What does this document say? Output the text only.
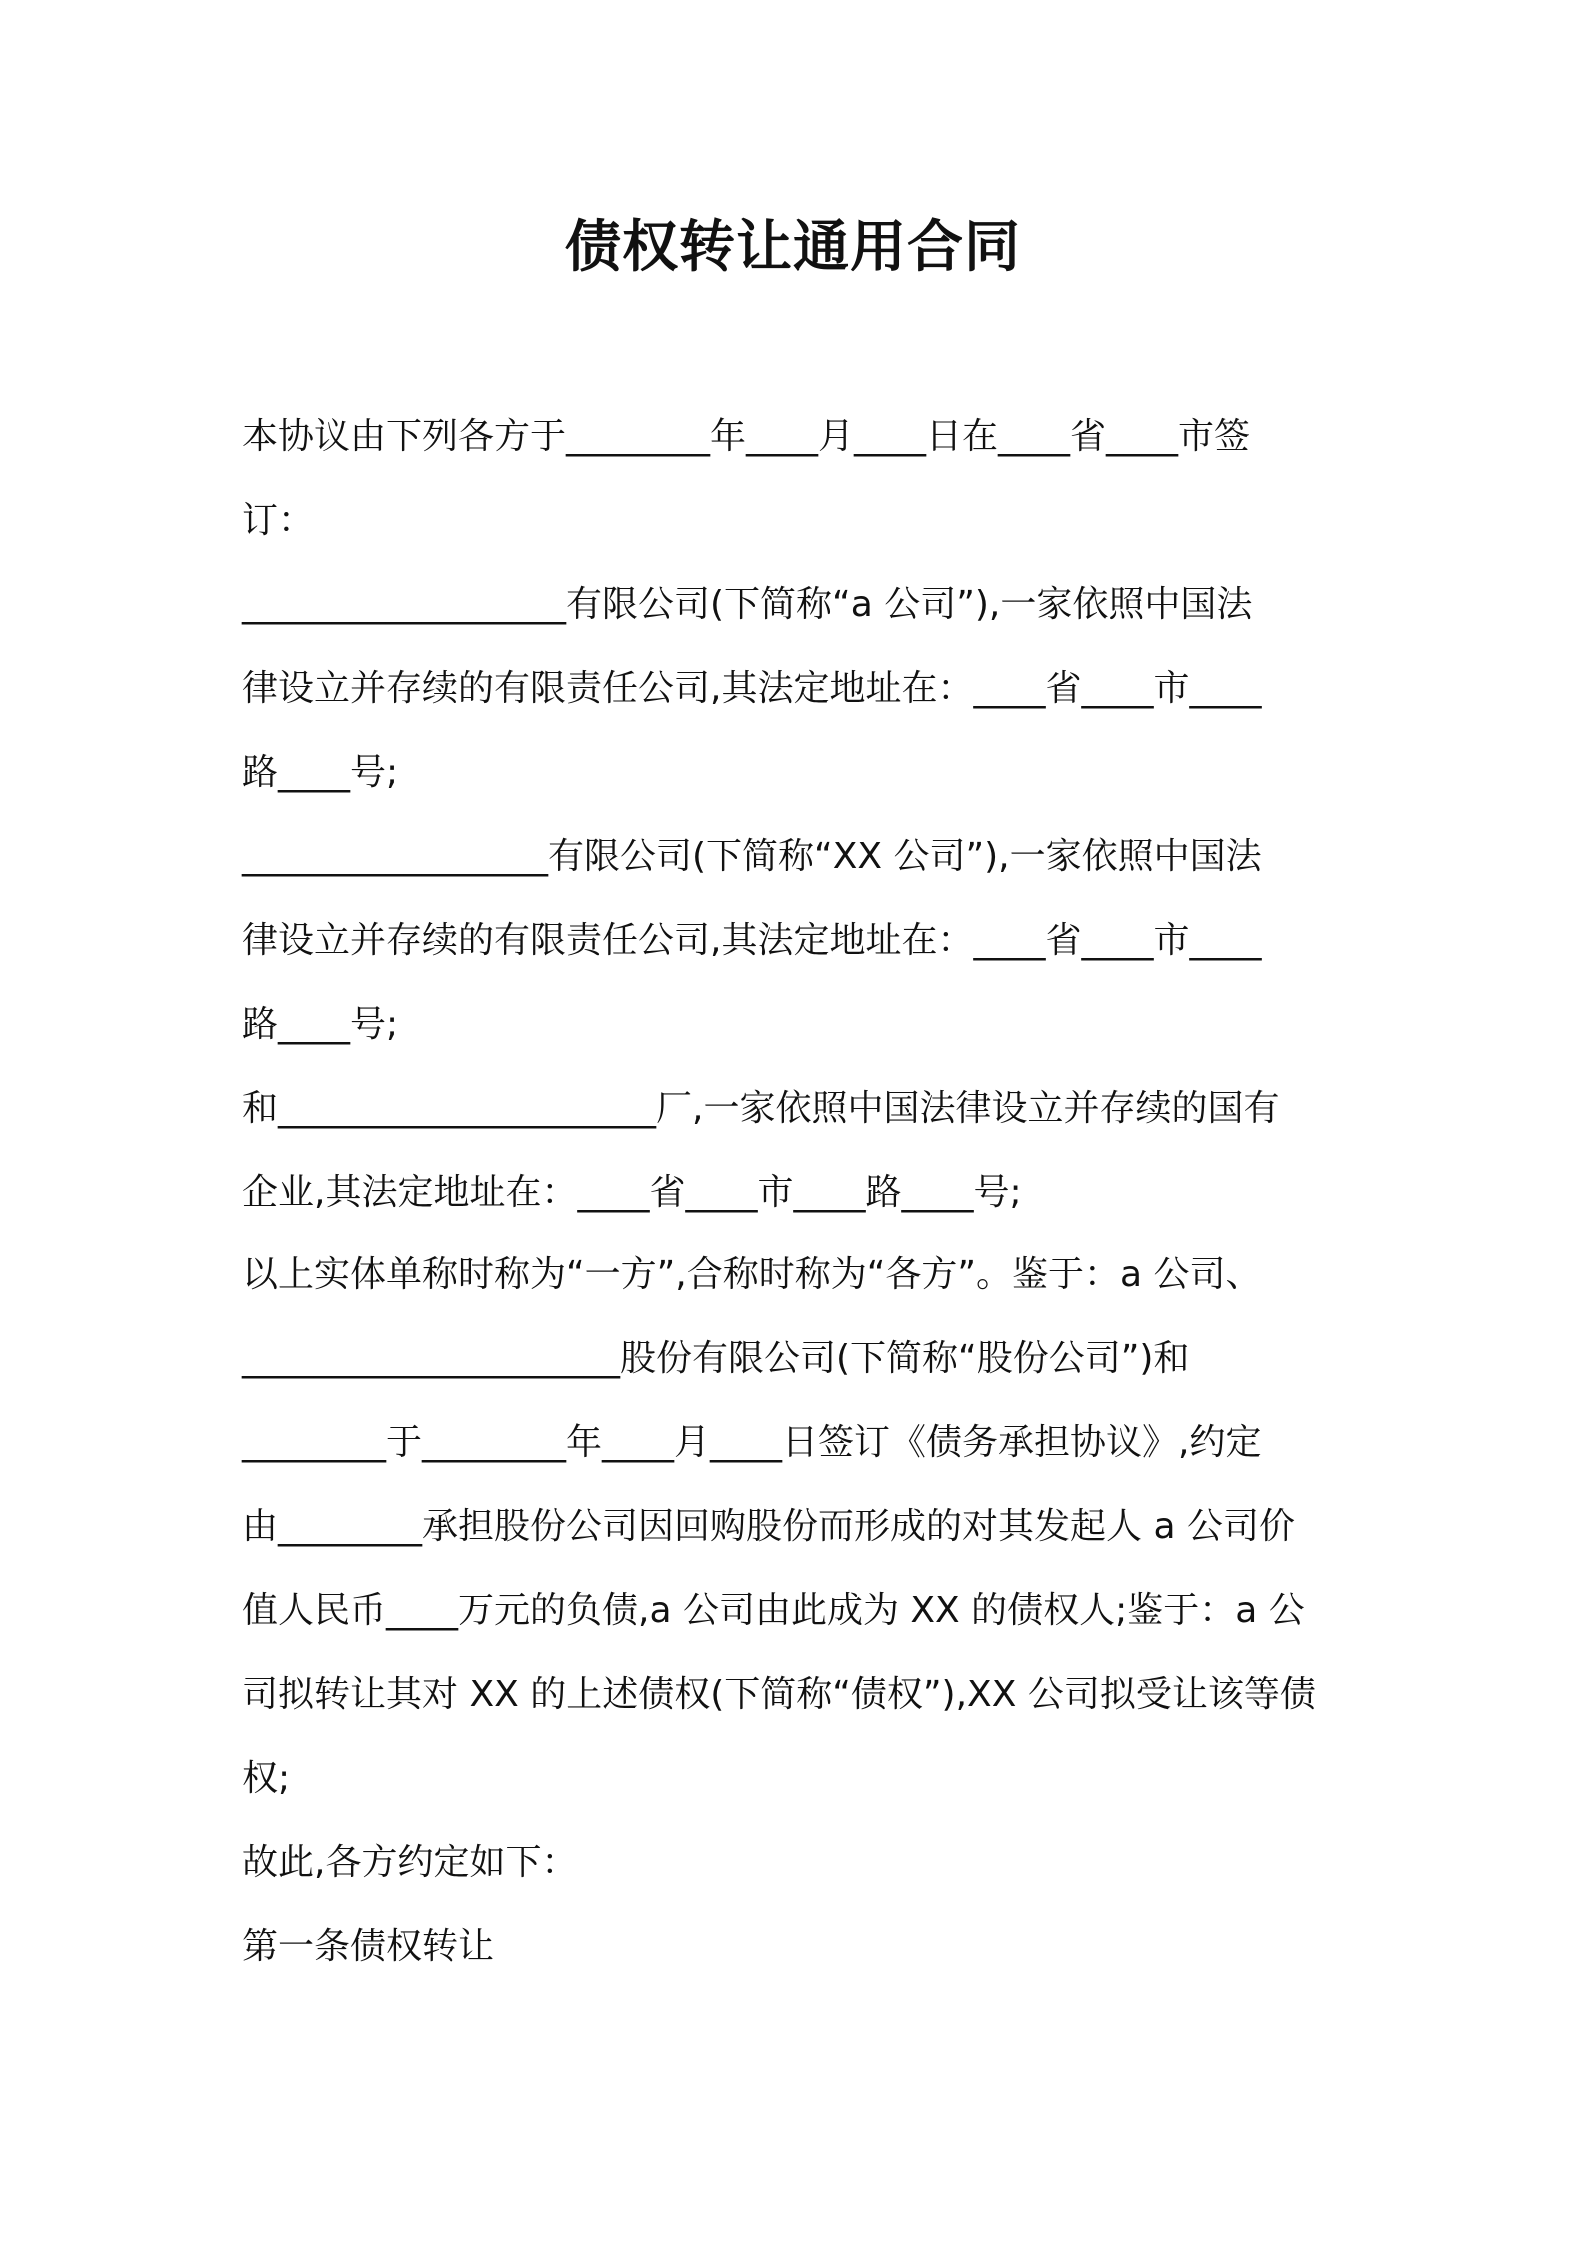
债权转让通用合同

本协议由下列各方于________年____月____日在____省____市签

订：

__________________有限公司(下简称“a 公司”),一家依照中国法

律设立并存续的有限责任公司,其法定地址在：____省____市____

路____号;

_________________有限公司(下简称“XX 公司”),一家依照中国法

律设立并存续的有限责任公司,其法定地址在：____省____市____

路____号;

和_____________________厂,一家依照中国法律设立并存续的国有

企业,其法定地址在：____省____市____路____号;

以上实体单称时称为“一方”,合称时称为“各方”。鉴于：a 公司、

_____________________股份有限公司(下简称“股份公司”)和

________于________年____月____日签订《债务承担协议》,约定

由________承担股份公司因回购股份而形成的对其发起人 a 公司价

值人民币____万元的负债,a 公司由此成为 XX 的债权人;鉴于：a 公

司拟转让其对 XX 的上述债权(下简称“债权”),XX 公司拟受让该等债

权;

故此,各方约定如下：

第一条债权转让
